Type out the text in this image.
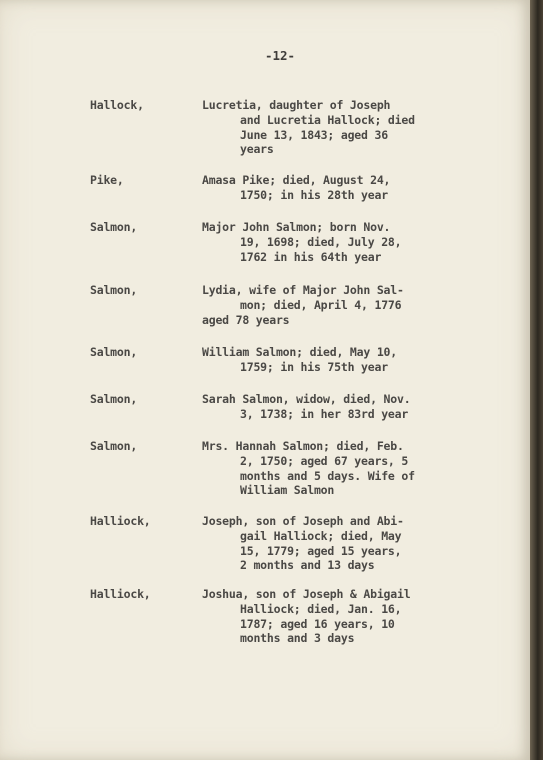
-12-
Hallock,	Lucretia, daughter of Joseph
and Lucretia Hallock; died
June 13, 1843; aged 36
years
Pike,	Amasa Pike; died, August 24,
1750; in his 28th year
Salmon,	Major John Salmon; born Nov.
19, 1698; died, July 28,
1762 in his 64th year
Salmon,	Lydia, wife of Major John Sal-
mon; died, April 4, 1776
aged 78 years
Salmon,	William Salmon; died, May 10,
1759; in his 75th year
Salmon,	Sarah Salmon, widow, died, Nov.
3, 1738; in her 83rd year
Salmon,	Mrs. Hannah Salmon; died, Feb.
2, 1750; aged 67 years, 5
months and 5 days. Wife of
William Salmon
Halliock,	Joseph, son of Joseph and Abi-
gail Halliock; died, May
15, 1779; aged 15 years,
2 months and 13 days
Halliock,	Joshua, son of Joseph & Abigail
Halliock; died, Jan. 16,
1787; aged 16 years, 10
months and 3 days
